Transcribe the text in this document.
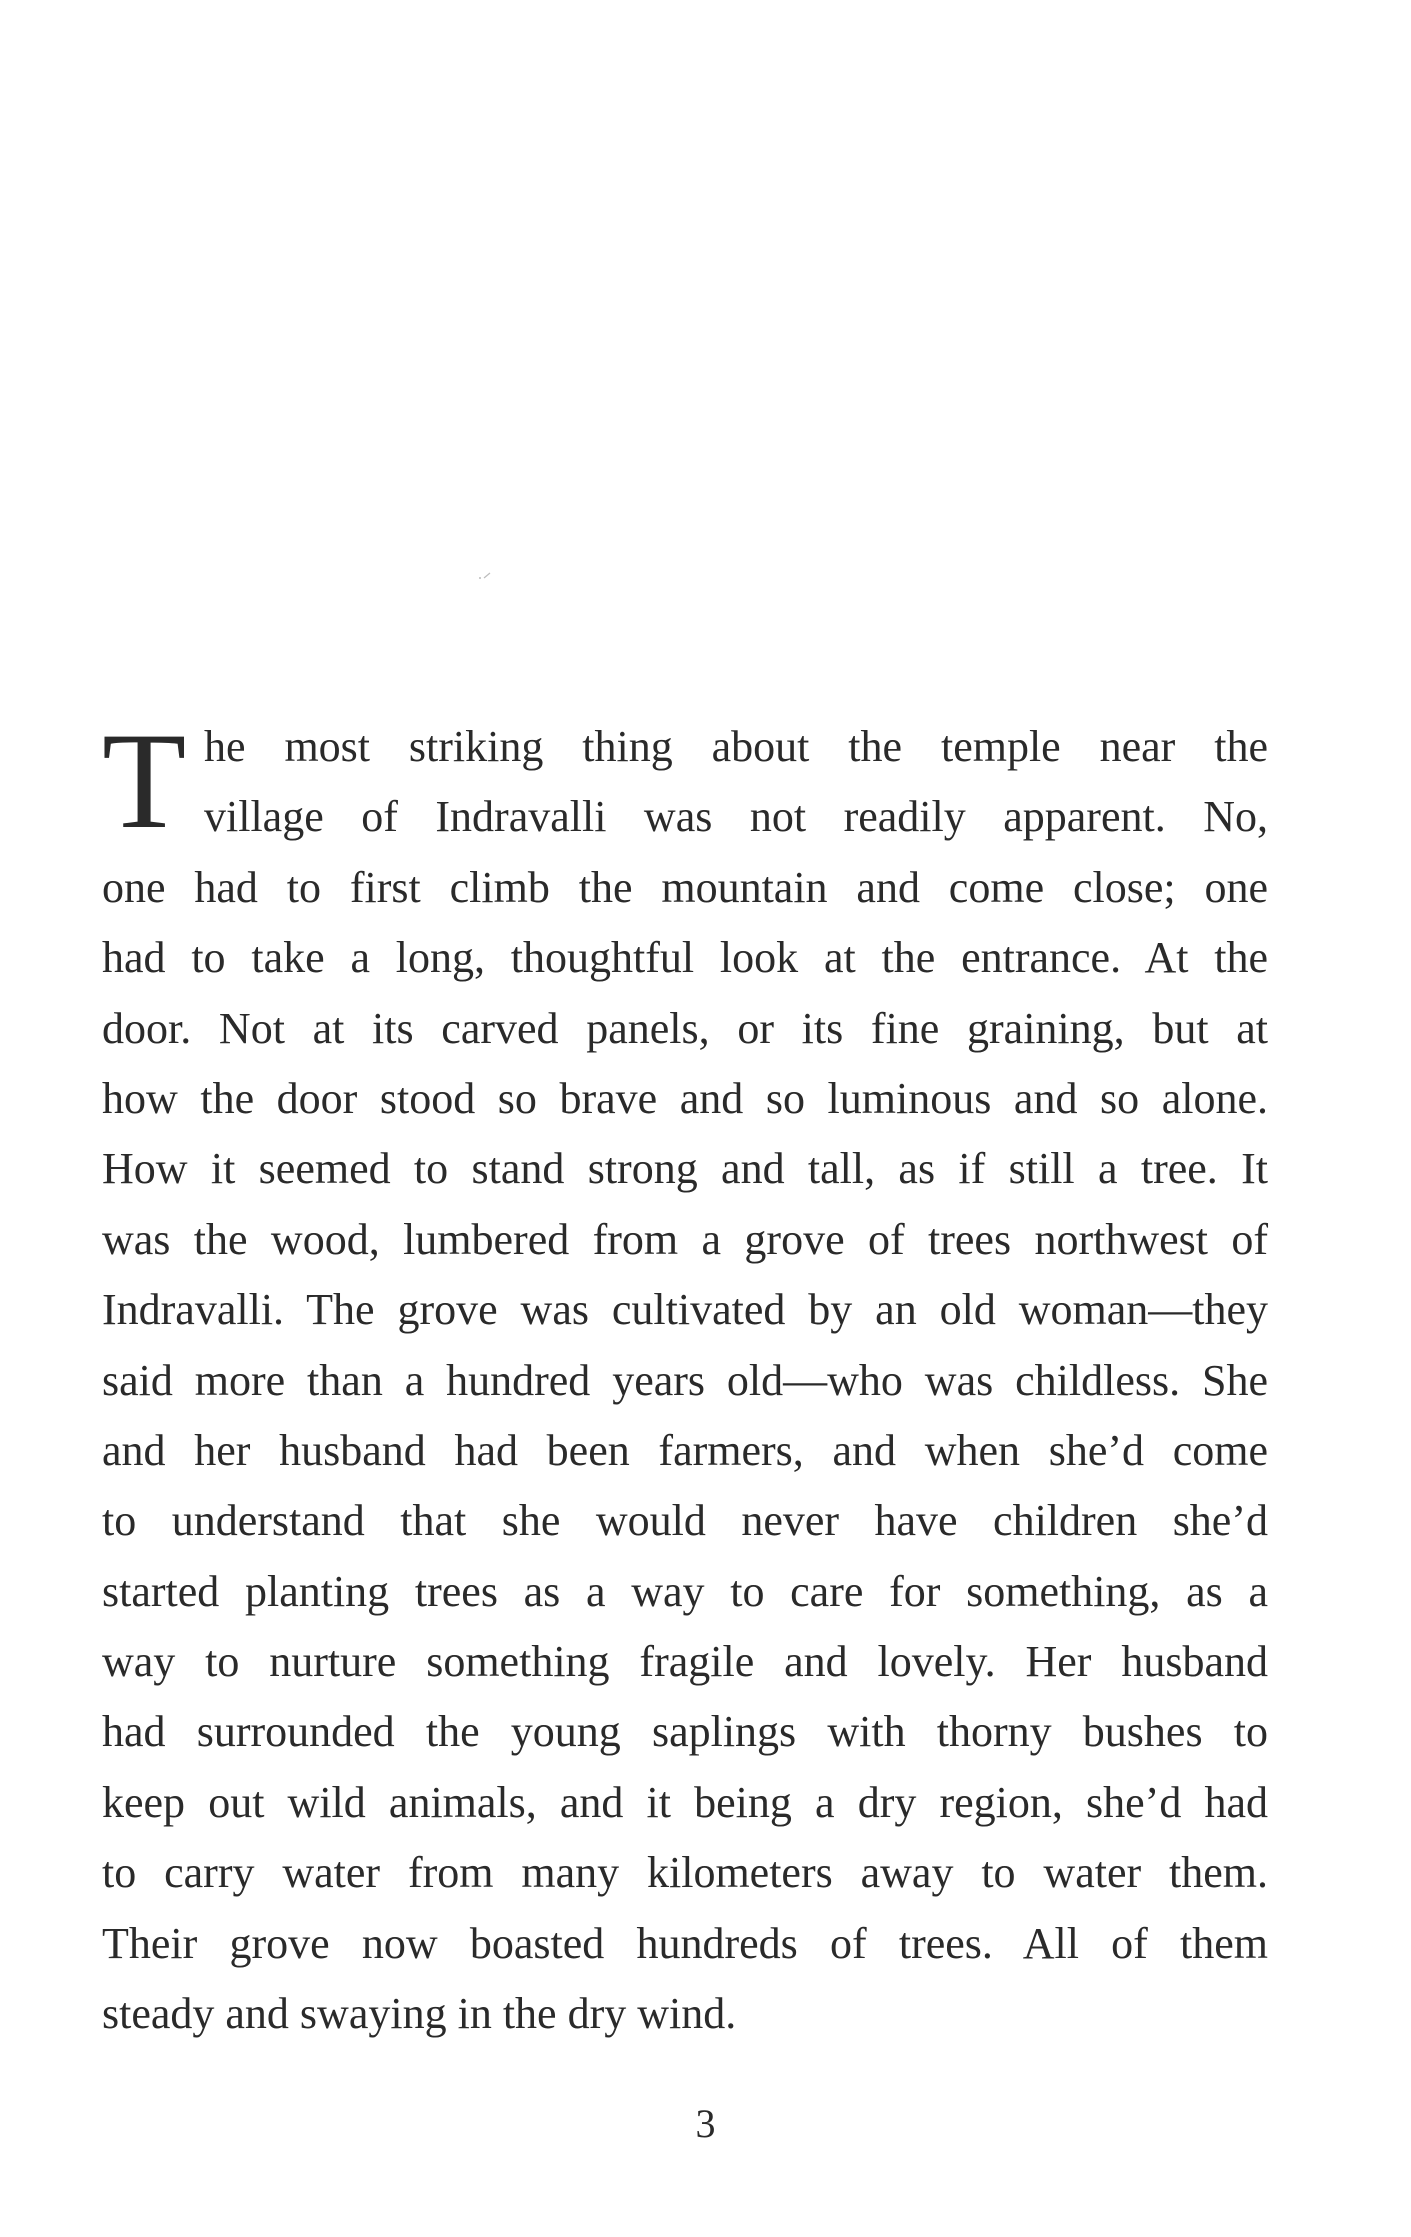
T he most striking thing about the temple near the
village of Indravalli was not readily apparent. No,
one had to first climb the mountain and come close; one
had to take a long, thoughtful look at the entrance. At the
door. Not at its carved panels, or its fine graining, but at
how the door stood so brave and so luminous and so alone.
How it seemed to stand strong and tall, as if still a tree. It
was the wood, lumbered from a grove of trees northwest of
Indravalli. The grove was cultivated by an old woman—they
said more than a hundred years old—who was childless. She
and her husband had been farmers, and when she’d come
to understand that she would never have children she’d
started planting trees as a way to care for something, as a
way to nurture something fragile and lovely. Her husband
had surrounded the young saplings with thorny bushes to
keep out wild animals, and it being a dry region, she’d had
to carry water from many kilometers away to water them.
Their grove now boasted hundreds of trees. All of them
steady and swaying in the dry wind.
3
